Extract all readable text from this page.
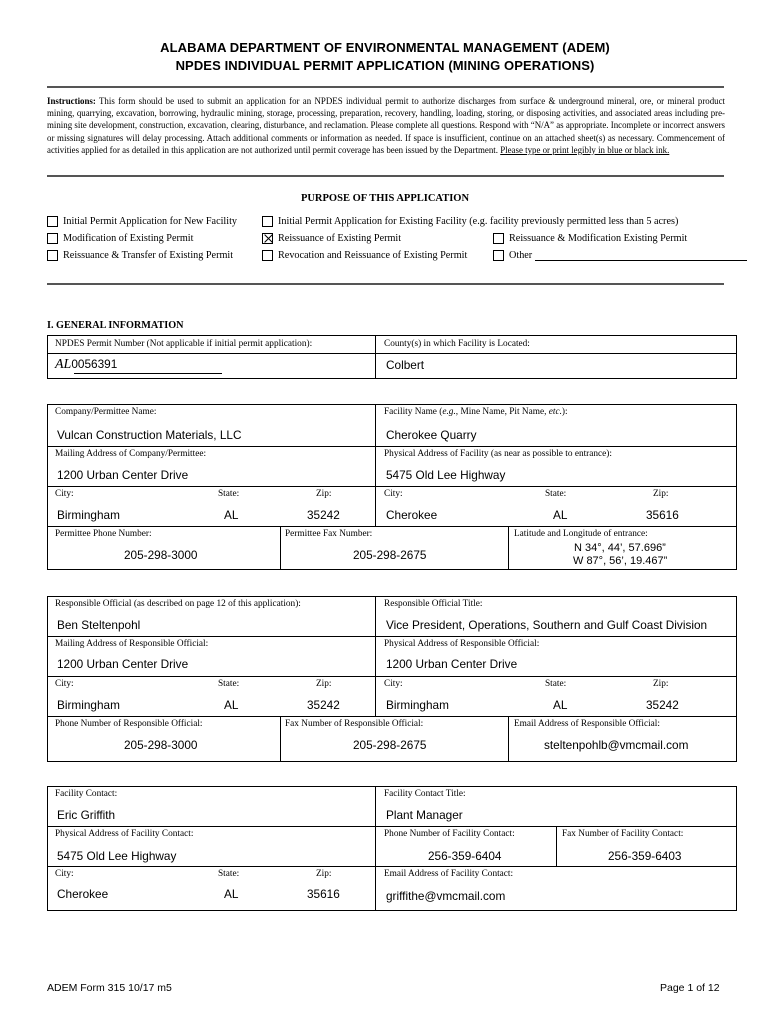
ALABAMA DEPARTMENT OF ENVIRONMENTAL MANAGEMENT (ADEM)
NPDES INDIVIDUAL PERMIT APPLICATION (MINING OPERATIONS)
Instructions: This form should be used to submit an application for an NPDES individual permit to authorize discharges from surface & underground mineral, ore, or mineral product mining, quarrying, excavation, borrowing, hydraulic mining, storage, processing, preparation, recovery, handling, loading, storing, or disposing activities, and associated areas including pre-mining site development, construction, excavation, clearing, disturbance, and reclamation. Please complete all questions. Respond with “N/A” as appropriate. Incomplete or incorrect answers or missing signatures will delay processing. Attach additional comments or information as needed. If space is insufficient, continue on an attached sheet(s) as necessary. Commencement of activities applied for as detailed in this application are not authorized until permit coverage has been issued by the Department. Please type or print legibly in blue or black ink.
PURPOSE OF THIS APPLICATION
Initial Permit Application for New Facility	Initial Permit Application for Existing Facility (e.g. facility previously permitted less than 5 acres)
Modification of Existing Permit	Reissuance of Existing Permit	Reissuance & Modification Existing Permit
Reissuance & Transfer of Existing Permit	Revocation and Reissuance of Existing Permit	Other
I. GENERAL INFORMATION
NPDES Permit Number (Not applicable if initial permit application):	County(s) in which Facility is Located:
AL0056391	Colbert
Company/Permittee Name:	Facility Name (e.g., Mine Name, Pit Name, etc.):
Vulcan Construction Materials, LLC	Cherokee Quarry
Mailing Address of Company/Permittee:	Physical Address of Facility (as near as possible to entrance):
1200 Urban Center Drive	5475 Old Lee Highway
City:	State:	Zip:	City:	State:	Zip:
Birmingham	AL	35242	Cherokee	AL	35616
Permittee Phone Number:	Permittee Fax Number:	Latitude and Longitude of entrance:
205-298-3000	205-298-2675	N 34°, 44’, 57.696”
W 87°, 56’, 19.467”
Responsible Official (as described on page 12 of this application):	Responsible Official Title:
Ben Steltenpohl	Vice President, Operations, Southern and Gulf Coast Division
Mailing Address of Responsible Official:	Physical Address of Responsible Official:
1200 Urban Center Drive	1200 Urban Center Drive
City:	State:	Zip:	City:	State:	Zip:
Birmingham	AL	35242	Birmingham	AL	35242
Phone Number of Responsible Official:	Fax Number of Responsible Official:	Email Address of Responsible Official:
205-298-3000	205-298-2675	steltenpohlb@vmcmail.com
Facility Contact:	Facility Contact Title:
Eric Griffith	Plant Manager
Physical Address of Facility Contact:	Phone Number of Facility Contact:	Fax Number of Facility Contact:
5475 Old Lee Highway	256-359-6404	256-359-6403
City:	State:	Zip:	Email Address of Facility Contact:
Cherokee	AL	35616	griffithe@vmcmail.com
ADEM Form 315 10/17 m5	Page 1 of 12
